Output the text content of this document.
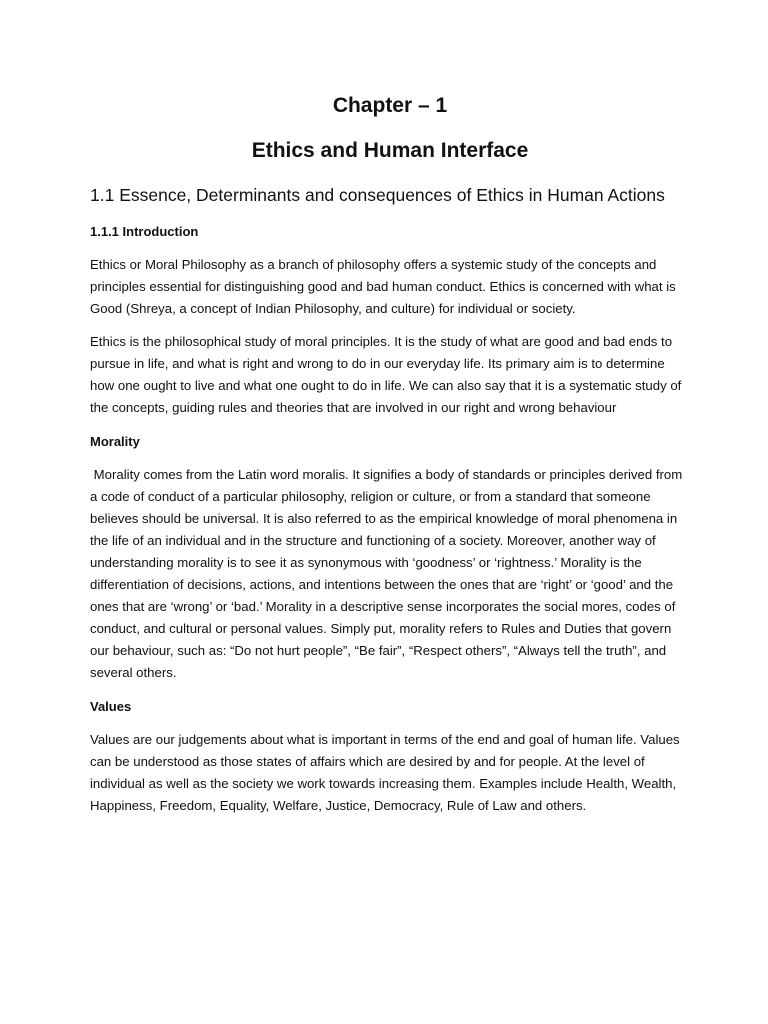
Chapter – 1
Ethics and Human Interface
1.1 Essence, Determinants and consequences of Ethics in Human Actions
1.1.1 Introduction

Ethics or Moral Philosophy as a branch of philosophy offers a systemic study of the concepts and principles essential for distinguishing good and bad human conduct. Ethics is concerned with what is Good (Shreya, a concept of Indian Philosophy, and culture) for individual or society.

Ethics is the philosophical study of moral principles. It is the study of what are good and bad ends to pursue in life, and what is right and wrong to do in our everyday life. Its primary aim is to determine how one ought to live and what one ought to do in life. We can also say that it is a systematic study of the concepts, guiding rules and theories that are involved in our right and wrong behaviour

Morality

Morality comes from the Latin word moralis. It signifies a body of standards or principles derived from a code of conduct of a particular philosophy, religion or culture, or from a standard that someone believes should be universal. It is also referred to as the empirical knowledge of moral phenomena in the life of an individual and in the structure and functioning of a society. Moreover, another way of understanding morality is to see it as synonymous with ‘goodness’ or ‘rightness.’ Morality is the differentiation of decisions, actions, and intentions between the ones that are ‘right’ or ‘good’ and the ones that are ‘wrong’ or ‘bad.’ Morality in a descriptive sense incorporates the social mores, codes of conduct, and cultural or personal values. Simply put, morality refers to Rules and Duties that govern our behaviour, such as: “Do not hurt people”, “Be fair”, “Respect others”, “Always tell the truth”, and several others.

Values

Values are our judgements about what is important in terms of the end and goal of human life. Values can be understood as those states of affairs which are desired by and for people. At the level of individual as well as the society we work towards increasing them. Examples include Health, Wealth, Happiness, Freedom, Equality, Welfare, Justice, Democracy, Rule of Law and others.
